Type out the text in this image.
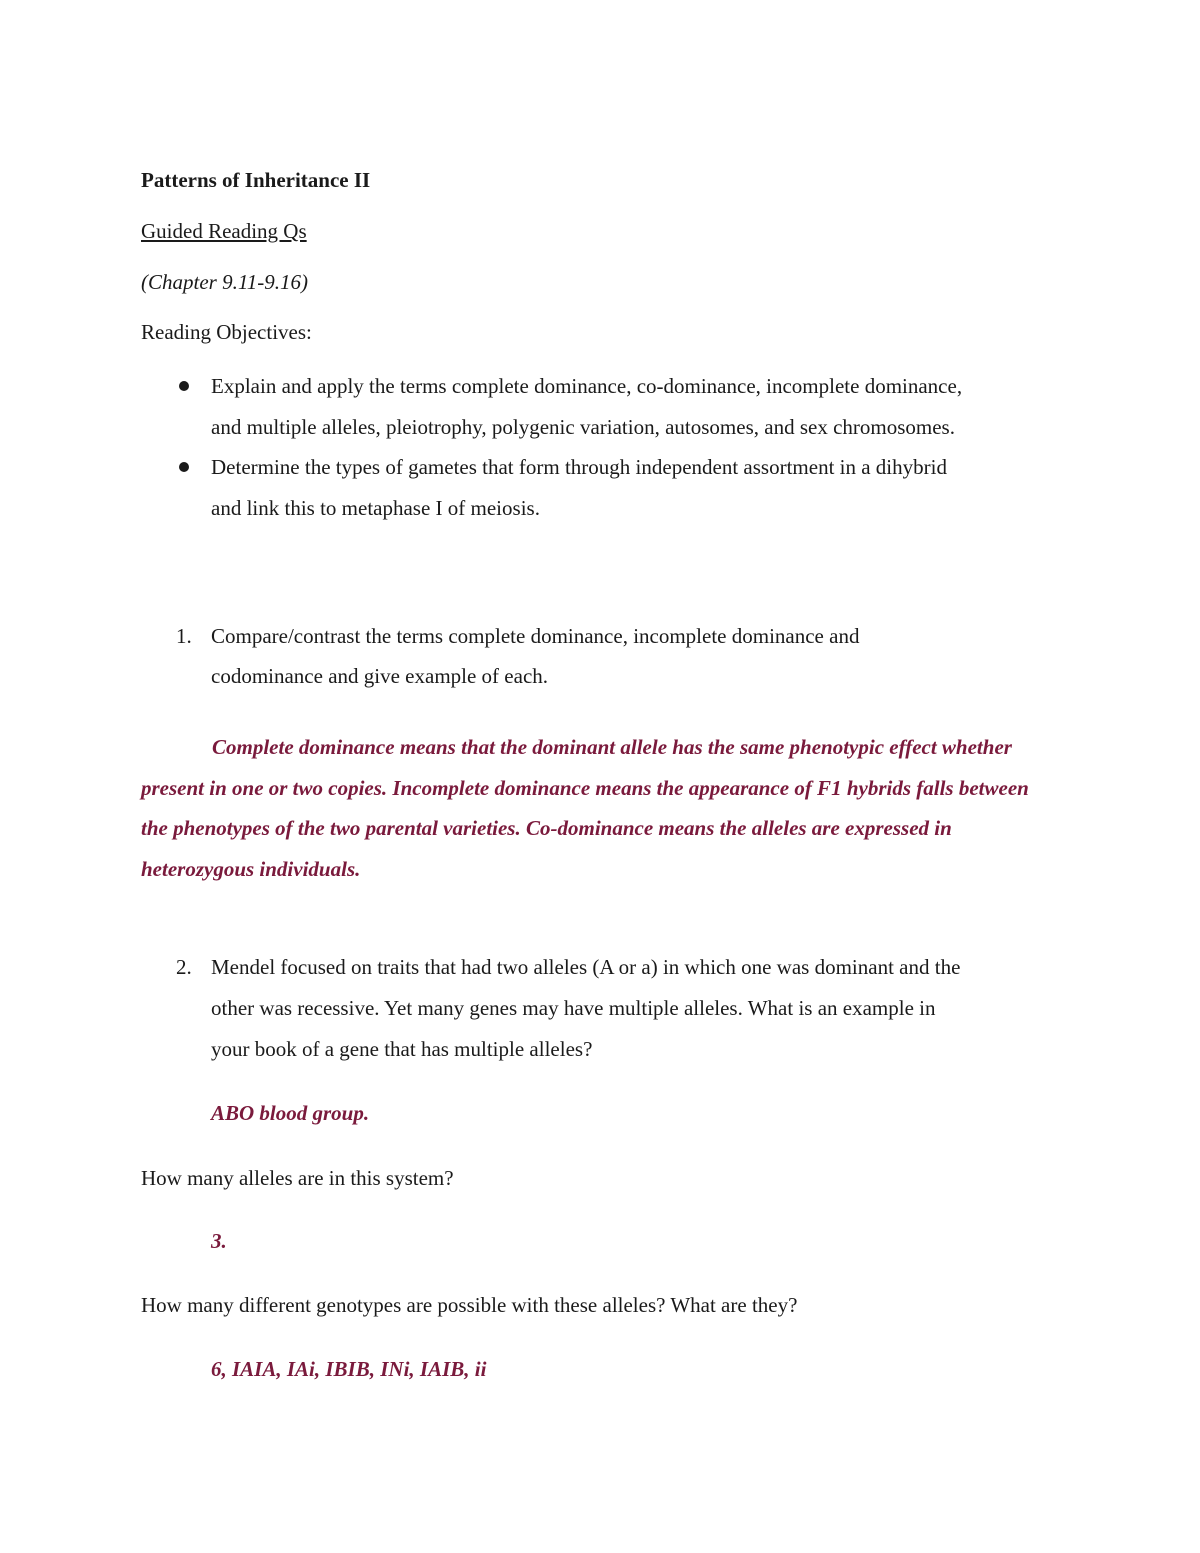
Patterns of Inheritance II
Guided Reading Qs
(Chapter 9.11-9.16)
Reading Objectives:
Explain and apply the terms complete dominance, co-dominance, incomplete dominance,
and multiple alleles, pleiotrophy, polygenic variation, autosomes, and sex chromosomes.
Determine the types of gametes that form through independent assortment in a dihybrid
and link this to metaphase I of meiosis.
1. Compare/contrast the terms complete dominance, incomplete dominance and
codominance and give example of each.
Complete dominance means that the dominant allele has the same phenotypic effect whether present in one or two copies. Incomplete dominance means the appearance of F1 hybrids falls between the phenotypes of the two parental varieties. Co-dominance means the alleles are expressed in heterozygous individuals.
2. Mendel focused on traits that had two alleles (A or a) in which one was dominant and the
other was recessive. Yet many genes may have multiple alleles. What is an example in
your book of a gene that has multiple alleles?
ABO blood group.
How many alleles are in this system?
3.
How many different genotypes are possible with these alleles? What are they?
6, IAIA, IAi, IBIB, INi, IAIB, ii
